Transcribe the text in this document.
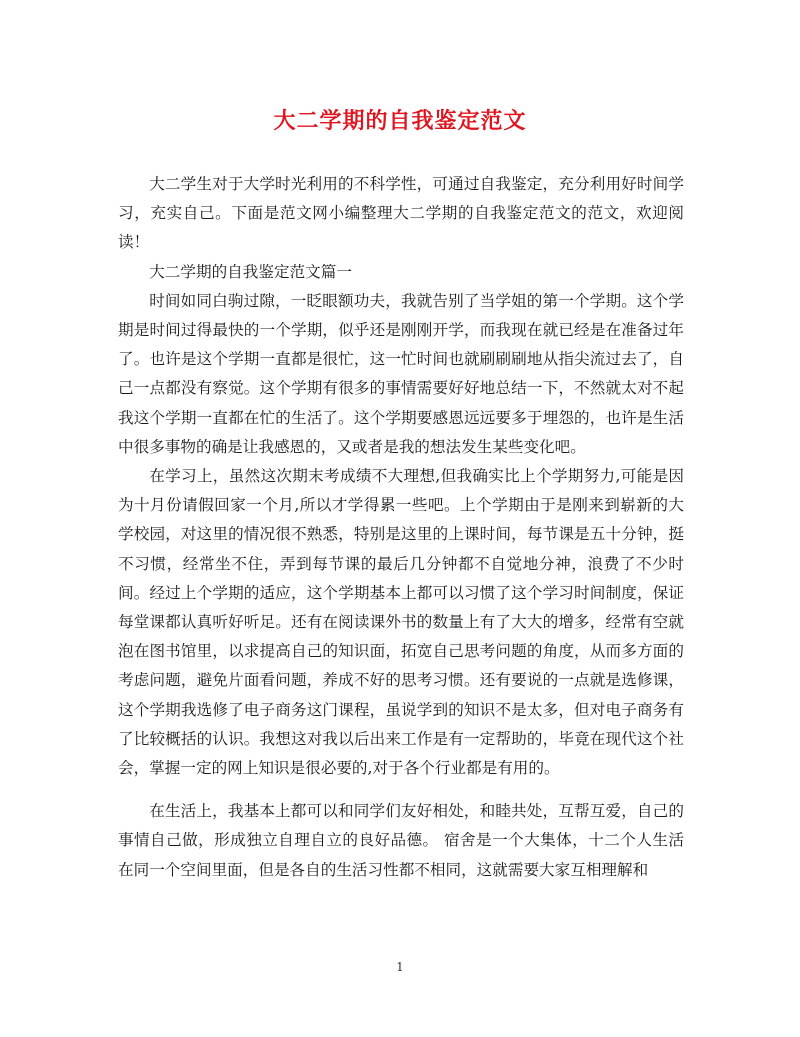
大二学期的自我鉴定范文

大二学生对于大学时光利用的不科学性，可通过自我鉴定，充分利用好时间学习，充实自己。下面是范文网小编整理大二学期的自我鉴定范文的范文，欢迎阅读！

大二学期的自我鉴定范文篇一

时间如同白驹过隙，一眨眼额功夫，我就告别了当学姐的第一个学期。这个学期是时间过得最快的一个学期，似乎还是刚刚开学，而我现在就已经是在准备过年了。也许是这个学期一直都是很忙，这一忙时间也就刷刷刷地从指尖流过去了，自己一点都没有察觉。这个学期有很多的事情需要好好地总结一下，不然就太对不起我这个学期一直都在忙的生活了。这个学期要感恩远远要多于埋怨的，也许是生活中很多事物的确是让我感恩的，又或者是我的想法发生某些变化吧。

在学习上，虽然这次期末考成绩不大理想,但我确实比上个学期努力,可能是因为十月份请假回家一个月,所以才学得累一些吧。上个学期由于是刚来到崭新的大学校园，对这里的情况很不熟悉，特别是这里的上课时间，每节课是五十分钟，挺不习惯，经常坐不住，弄到每节课的最后几分钟都不自觉地分神，浪费了不少时间。经过上个学期的适应，这个学期基本上都可以习惯了这个学习时间制度，保证每堂课都认真听好听足。还有在阅读课外书的数量上有了大大的增多，经常有空就泡在图书馆里，以求提高自己的知识面，拓宽自己思考问题的角度，从而多方面的考虑问题，避免片面看问题，养成不好的思考习惯。还有要说的一点就是选修课，这个学期我选修了电子商务这门课程，虽说学到的知识不是太多，但对电子商务有了比较概括的认识。我想这对我以后出来工作是有一定帮助的，毕竟在现代这个社会，掌握一定的网上知识是很必要的,对于各个行业都是有用的。

在生活上，我基本上都可以和同学们友好相处，和睦共处，互帮互爱，自己的事情自己做，形成独立自理自立的良好品德。 宿舍是一个大集体，十二个人生活在同一个空间里面，但是各自的生活习性都不相同，这就需要大家互相理解和

1
